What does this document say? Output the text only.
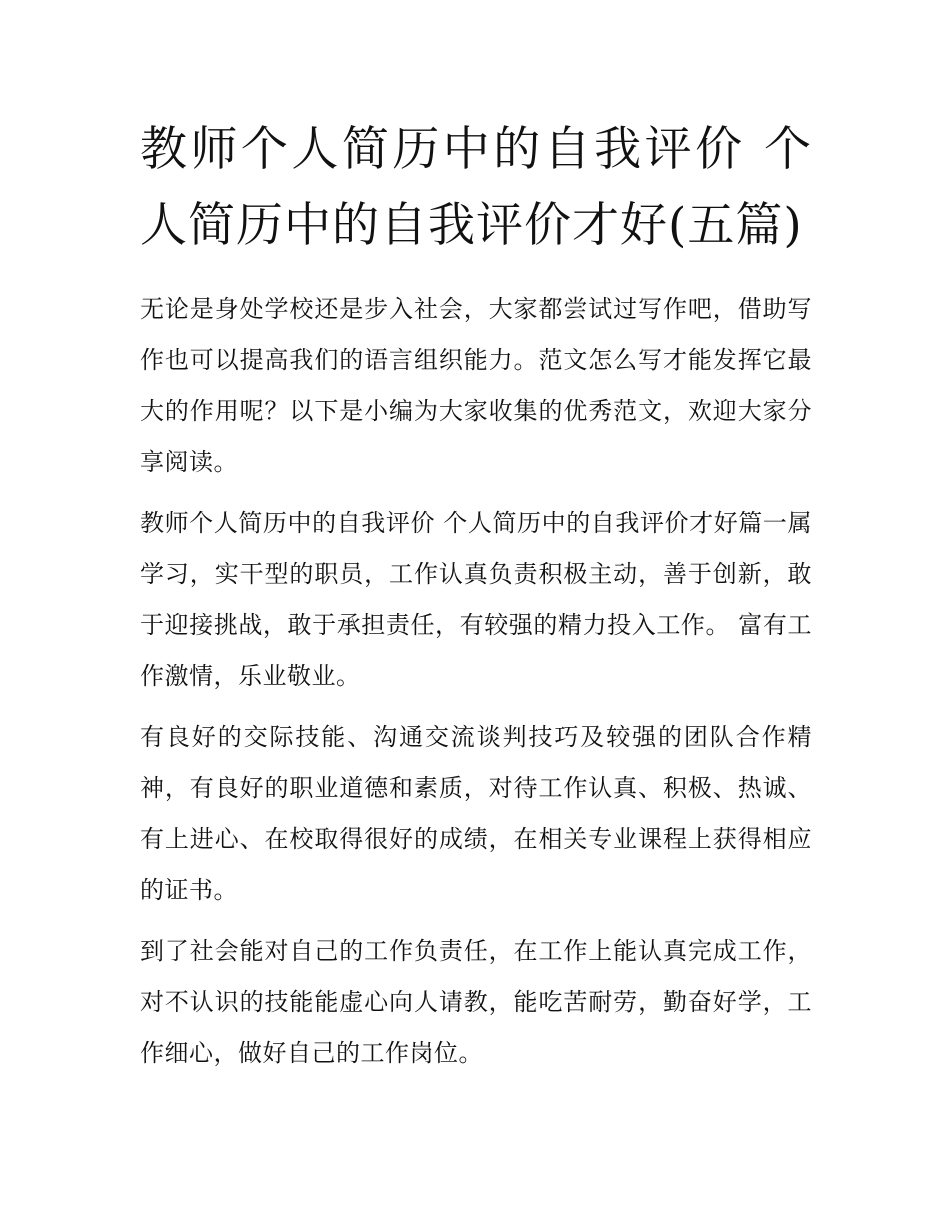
教师个人简历中的自我评价 个人简历中的自我评价才好(五篇)

无论是身处学校还是步入社会，大家都尝试过写作吧，借助写作也可以提高我们的语言组织能力。范文怎么写才能发挥它最大的作用呢？以下是小编为大家收集的优秀范文，欢迎大家分享阅读。

教师个人简历中的自我评价 个人简历中的自我评价才好篇一属学习，实干型的职员，工作认真负责积极主动，善于创新，敢于迎接挑战，敢于承担责任，有较强的精力投入工作。 富有工作激情，乐业敬业。

有良好的交际技能、沟通交流谈判技巧及较强的团队合作精神，有良好的职业道德和素质，对待工作认真、积极、热诚、有上进心、在校取得很好的成绩，在相关专业课程上获得相应的证书。

到了社会能对自己的工作负责任，在工作上能认真完成工作，对不认识的技能能虚心向人请教，能吃苦耐劳，勤奋好学，工作细心，做好自己的工作岗位。
